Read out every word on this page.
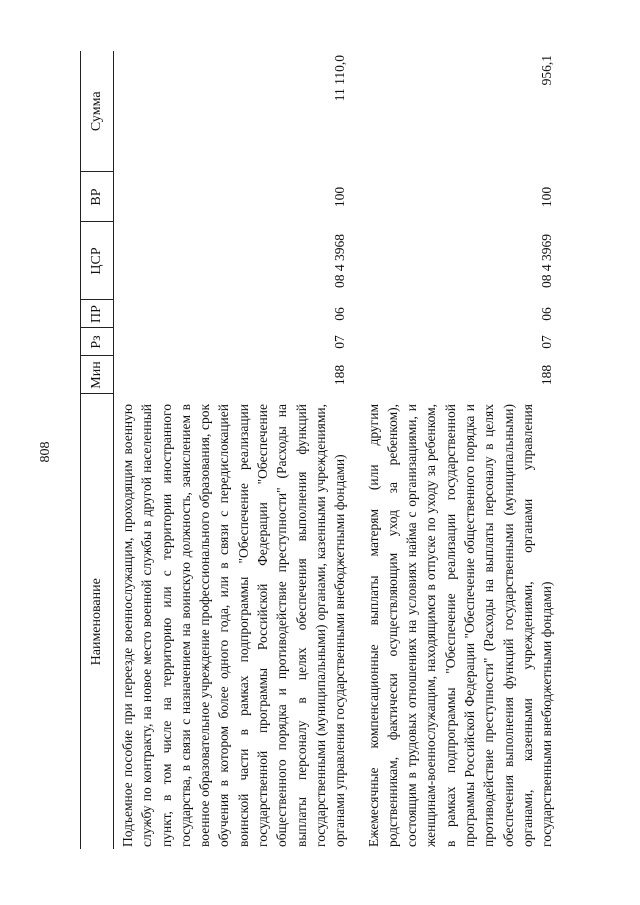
808
Наименование	Мин	Рз	ПР	ЦСР	ВР	Сумма
Подъемное пособие при переезде военнослужащим, проходящим военную службу по контракту, на новое место военной службы в другой населенный пункт, в том числе на территорию или с территории иностранного государства, в связи с назначением на воинскую должность, зачислением в военное образовательное учреждение профессионального образования, срок обучения в котором более одного года, или в связи с передислокацией воинской части в рамках подпрограммы "Обеспечение реализации государственной программы Российской Федерации "Обеспечение общественного порядка и противодействие преступности" (Расходы на выплаты персоналу в целях обеспечения выполнения функций государственными (муниципальными) органами, казенными учреждениями, органами управления государственными внебюджетными фондами)	188	07	06	08 4 3968	100	11 110,0
Ежемесячные компенсационные выплаты матерям (или другим родственникам, фактически осуществляющим уход за ребенком), состоящим в трудовых отношениях на условиях найма с организациями, и женщинам-военнослужащим, находящимся в отпуске по уходу за ребенком, в рамках подпрограммы "Обеспечение реализации государственной программы Российской Федерации "Обеспечение общественного порядка и противодействие преступности" (Расходы на выплаты персоналу в целях обеспечения выполнения функций государственными (муниципальными) органами, казенными учреждениями, органами управления государственными внебюджетными фондами)	188	07	06	08 4 3969	100	956,1
